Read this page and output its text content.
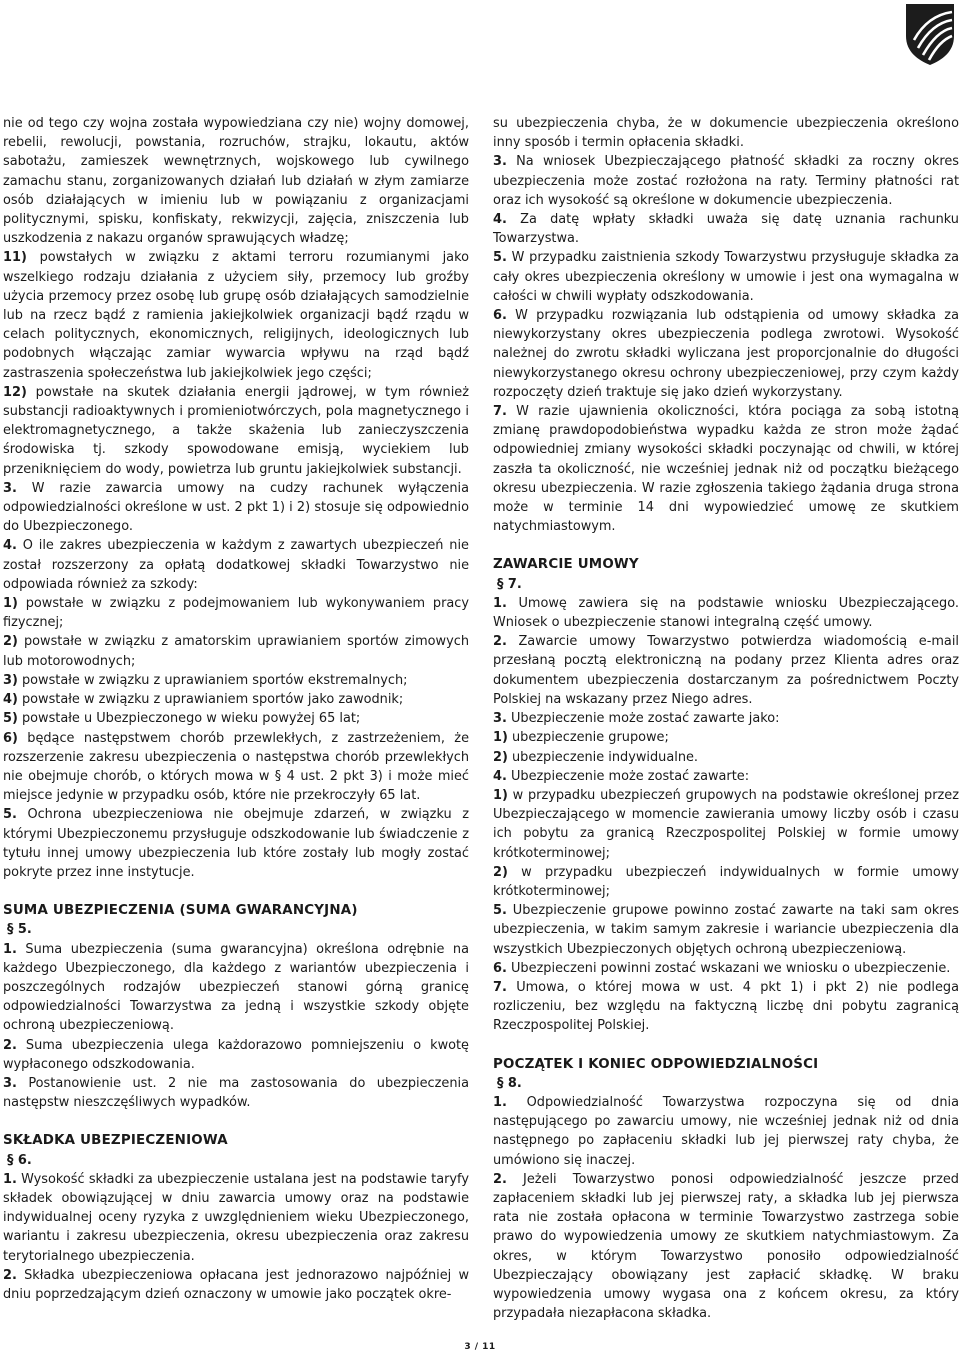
nie od tego czy wojna została wypowiedziana czy nie) wojny domowej, rebelii, rewolucji, powstania, rozruchów, strajku, lokautu, aktów sabotażu, zamieszek wewnętrznych, wojskowego lub cywilnego zamachu stanu, zorganizowanych działań lub działań w złym zamiarze osób działających w imieniu lub w powiązaniu z organizacjami politycznymi, spisku, konfiskaty, rekwizycji, zajęcia, zniszczenia lub uszkodzenia z nakazu organów sprawujących władzę;

11) powstałych w związku z aktami terroru rozumianymi jako wszelkiego rodzaju działania z użyciem siły, przemocy lub groźby użycia przemocy przez osobę lub grupę osób działających samodzielnie lub na rzecz bądź z ramienia jakiejkolwiek organizacji bądź rządu w celach politycznych, ekonomicznych, religijnych, ideologicznych lub podobnych włączając zamiar wywarcia wpływu na rząd bądź zastraszenia społeczeństwa lub jakiejkolwiek jego części;

12) powstałe na skutek działania energii jądrowej, w tym również substancji radioaktywnych i promieniotwórczych, pola magnetycznego i elektromagnetycznego, a także skażenia lub zanieczyszczenia środowiska tj. szkody spowodowane emisją, wyciekiem lub przeniknięciem do wody, powietrza lub gruntu jakiejkolwiek substancji.

3. W razie zawarcia umowy na cudzy rachunek wyłączenia odpowiedzialności określone w ust. 2 pkt 1) i 2) stosuje się odpowiednio do Ubezpieczonego.

4. O ile zakres ubezpieczenia w każdym z zawartych ubezpieczeń nie został rozszerzony za opłatą dodatkowej składki Towarzystwo nie odpowiada również za szkody:

1) powstałe w związku z podejmowaniem lub wykonywaniem pracy fizycznej;

2) powstałe w związku z amatorskim uprawianiem sportów zimowych lub motorowodnych;

3) powstałe w związku z uprawianiem sportów ekstremalnych;

4) powstałe w związku z uprawianiem sportów jako zawodnik;

5) powstałe u Ubezpieczonego w wieku powyżej 65 lat;

6) będące następstwem chorób przewlekłych, z zastrzeżeniem, że rozszerzenie zakresu ubezpieczenia o następstwa chorób przewlekłych nie obejmuje chorób, o których mowa w § 4 ust. 2 pkt 3) i może mieć miejsce jedynie w przypadku osób, które nie przekroczyły 65 lat.

5. Ochrona ubezpieczeniowa nie obejmuje zdarzeń, w związku z którymi Ubezpieczonemu przysługuje odszkodowanie lub świadczenie z tytułu innej umowy ubezpieczenia lub które zostały lub mogły zostać pokryte przez inne instytucje.

SUMA UBEZPIECZENIA (SUMA GWARANCYJNA)
§ 5.

1. Suma ubezpieczenia (suma gwarancyjna) określona odrębnie na każdego Ubezpieczonego, dla każdego z wariantów ubezpieczenia i poszczególnych rodzajów ubezpieczeń stanowi górną granicę odpowiedzialności Towarzystwa za jedną i wszystkie szkody objęte ochroną ubezpieczeniową.

2. Suma ubezpieczenia ulega każdorazowo pomniejszeniu o kwotę wypłaconego odszkodowania.

3. Postanowienie ust. 2 nie ma zastosowania do ubezpieczenia następstw nieszczęśliwych wypadków.

SKŁADKA UBEZPIECZENIOWA
§ 6.

1. Wysokość składki za ubezpieczenie ustalana jest na podstawie taryfy składek obowiązującej w dniu zawarcia umowy oraz na podstawie indywidualnej oceny ryzyka z uwzględnieniem wieku Ubezpieczonego, wariantu i zakresu ubezpieczenia, okresu ubezpieczenia oraz zakresu terytorialnego ubezpieczenia.

2. Składka ubezpieczeniowa opłacana jest jednorazowo najpóźniej w dniu poprzedzającym dzień oznaczony w umowie jako początek okre-

su ubezpieczenia chyba, że w dokumencie ubezpieczenia określono inny sposób i termin opłacenia składki.

3. Na wniosek Ubezpieczającego płatność składki za roczny okres ubezpieczenia może zostać rozłożona na raty. Terminy płatności rat oraz ich wysokość są określone w dokumencie ubezpieczenia.

4. Za datę wpłaty składki uważa się datę uznania rachunku Towarzystwa.

5. W przypadku zaistnienia szkody Towarzystwu przysługuje składka za cały okres ubezpieczenia określony w umowie i jest ona wymagalna w całości w chwili wypłaty odszkodowania.

6. W przypadku rozwiązania lub odstąpienia od umowy składka za niewykorzystany okres ubezpieczenia podlega zwrotowi. Wysokość należnej do zwrotu składki wyliczana jest proporcjonalnie do długości niewykorzystanego okresu ochrony ubezpieczeniowej, przy czym każdy rozpoczęty dzień traktuje się jako dzień wykorzystany.

7. W razie ujawnienia okoliczności, która pociąga za sobą istotną zmianę prawdopodobieństwa wypadku każda ze stron może żądać odpowiedniej zmiany wysokości składki poczynając od chwili, w której zaszła ta okoliczność, nie wcześniej jednak niż od początku bieżącego okresu ubezpieczenia. W razie zgłoszenia takiego żądania druga strona może w terminie 14 dni wypowiedzieć umowę ze skutkiem natychmiastowym.

ZAWARCIE UMOWY
§ 7.

1. Umowę zawiera się na podstawie wniosku Ubezpieczającego. Wniosek o ubezpieczenie stanowi integralną część umowy.

2. Zawarcie umowy Towarzystwo potwierdza wiadomością e-mail przesłaną pocztą elektroniczną na podany przez Klienta adres oraz dokumentem ubezpieczenia dostarczanym za pośrednictwem Poczty Polskiej na wskazany przez Niego adres.

3. Ubezpieczenie może zostać zawarte jako:

1) ubezpieczenie grupowe;

2) ubezpieczenie indywidualne.

4. Ubezpieczenie może zostać zawarte:

1) w przypadku ubezpieczeń grupowych na podstawie określonej przez Ubezpieczającego w momencie zawierania umowy liczby osób i czasu ich pobytu za granicą Rzeczpospolitej Polskiej w formie umowy krótkoterminowej;

2) w przypadku ubezpieczeń indywidualnych w formie umowy krótkoterminowej;

5. Ubezpieczenie grupowe powinno zostać zawarte na taki sam okres ubezpieczenia, w takim samym zakresie i wariancie ubezpieczenia dla wszystkich Ubezpieczonych objętych ochroną ubezpieczeniową.

6. Ubezpieczeni powinni zostać wskazani we wniosku o ubezpieczenie.

7. Umowa, o której mowa w ust. 4 pkt 1) i pkt 2) nie podlega rozliczeniu, bez względu na faktyczną liczbę dni pobytu zagranicą Rzeczpospolitej Polskiej.

POCZĄTEK I KONIEC ODPOWIEDZIALNOŚCI
§ 8.

1. Odpowiedzialność Towarzystwa rozpoczyna się od dnia następującego po zawarciu umowy, nie wcześniej jednak niż od dnia następnego po zapłaceniu składki lub jej pierwszej raty chyba, że umówiono się inaczej.

2. Jeżeli Towarzystwo ponosi odpowiedzialność jeszcze przed zapłaceniem składki lub jej pierwszej raty, a składka lub jej pierwsza rata nie została opłacona w terminie Towarzystwo zastrzega sobie prawo do wypowiedzenia umowy ze skutkiem natychmiastowym. Za okres, w którym Towarzystwo ponosiło odpowiedzialność Ubezpieczający obowiązany jest zapłacić składkę. W braku wypowiedzenia umowy wygasa ona z końcem okresu, za który przypadała niezapłacona składka.

3 / 11
